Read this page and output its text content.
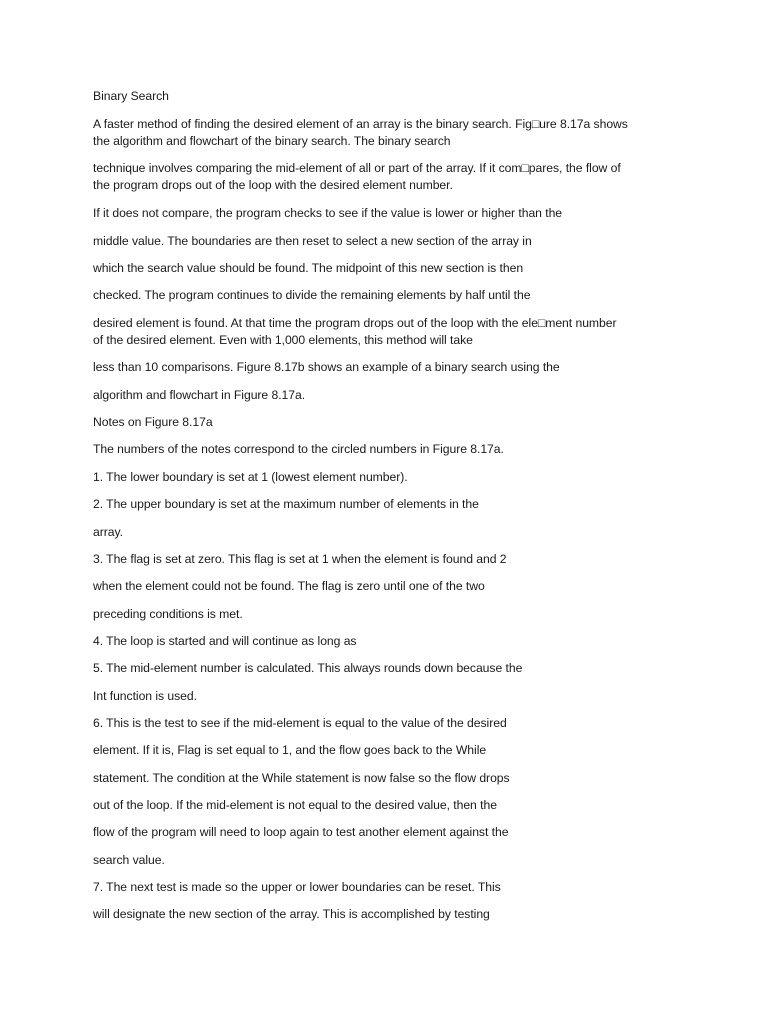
Binary Search
A faster method of finding the desired element of an array is the binary search. Fig□ure 8.17a shows
the algorithm and flowchart of the binary search. The binary search
technique involves comparing the mid-element of all or part of the array. If it com□pares, the flow of
the program drops out of the loop with the desired element number.
If it does not compare, the program checks to see if the value is lower or higher than the
middle value. The boundaries are then reset to select a new section of the array in
which the search value should be found. The midpoint of this new section is then
checked. The program continues to divide the remaining elements by half until the
desired element is found. At that time the program drops out of the loop with the ele□ment number
of the desired element. Even with 1,000 elements, this method will take
less than 10 comparisons. Figure 8.17b shows an example of a binary search using the
algorithm and flowchart in Figure 8.17a.
Notes on Figure 8.17a
The numbers of the notes correspond to the circled numbers in Figure 8.17a.
1. The lower boundary is set at 1 (lowest element number).
2. The upper boundary is set at the maximum number of elements in the
array.
3. The flag is set at zero. This flag is set at 1 when the element is found and 2
when the element could not be found. The flag is zero until one of the two
preceding conditions is met.
4. The loop is started and will continue as long as
5. The mid-element number is calculated. This always rounds down because the
Int function is used.
6. This is the test to see if the mid-element is equal to the value of the desired
element. If it is, Flag is set equal to 1, and the flow goes back to the While
statement. The condition at the While statement is now false so the flow drops
out of the loop. If the mid-element is not equal to the desired value, then the
flow of the program will need to loop again to test another element against the
search value.
7. The next test is made so the upper or lower boundaries can be reset. This
will designate the new section of the array. This is accomplished by testing
